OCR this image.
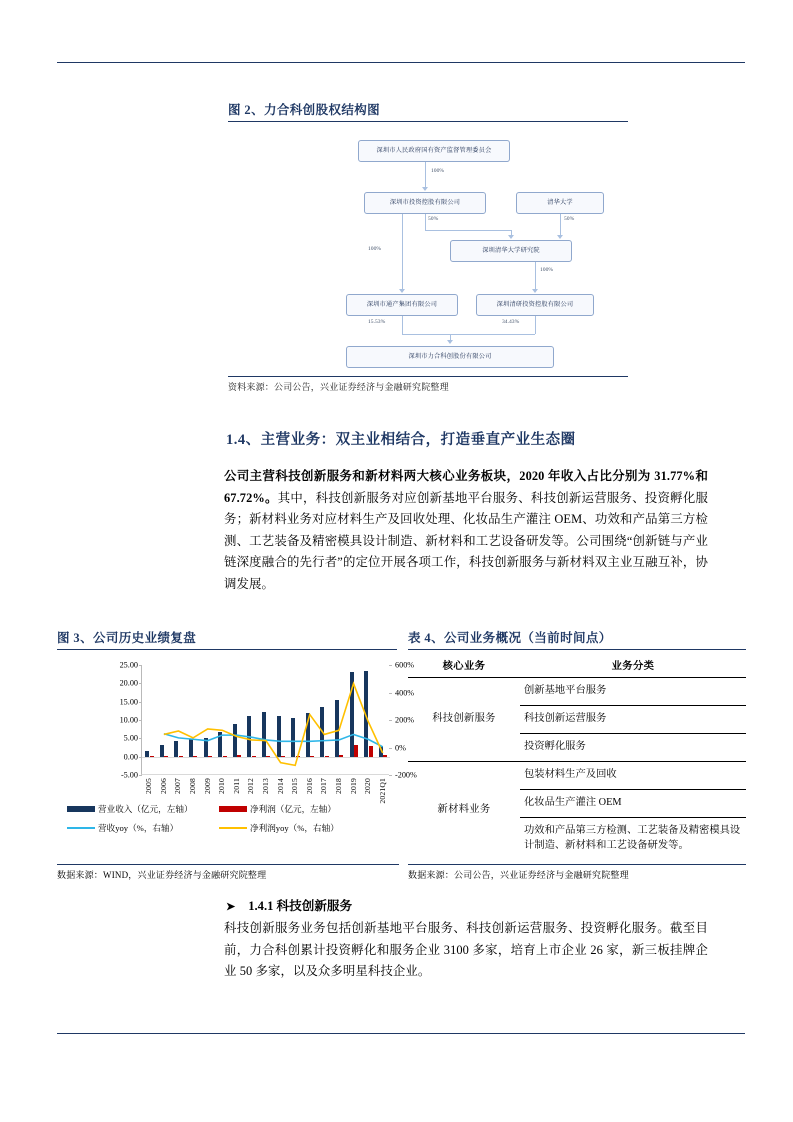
图 2、力合科创股权结构图
深圳市人民政府国有资产监督管理委员会
深圳市投资控股有限公司	清华大学
深圳清华大学研究院
深圳市通产集团有限公司	深圳清研投资控股有限公司
深圳市力合科创股份有限公司
100%
50%	50%
100%
100%
15.53%	34.43%
资料来源：公司公告，兴业证券经济与金融研究院整理
1.4、主营业务：双主业相结合，打造垂直产业生态圈
公司主营科技创新服务和新材料两大核心业务板块，2020 年收入占比分别为 31.77%和 67.72%。其中，科技创新服务对应创新基地平台服务、科技创新运营服务、投资孵化服务；新材料业务对应材料生产及回收处理、化妆品生产灌注 OEM、功效和产品第三方检测、工艺装备及精密模具设计制造、新材料和工艺设备研发等。公司围绕“创新链与产业链深度融合的先行者”的定位开展各项工作，科技创新服务与新材料双主业互融互补，协调发展。
图 3、公司历史业绩复盘	表 4、公司业务概况（当前时间点）
25.00
20.00
15.00
10.00
5.00
0.00
-5.00
600%
400%
200%
0%
-200%
营业收入（亿元，左轴）	净利润（亿元，左轴）
营收yoy（%，右轴）	净利润yoy（%，右轴）
2005 2006 2007 2008 2009 2010 2011 2012 2013 2014 2015 2016 2017 2018 2019 2020 2021Q1
核心业务	业务分类
科技创新服务	创新基地平台服务
	科技创新运营服务
	投资孵化服务
新材料业务	包装材料生产及回收
	化妆品生产灌注 OEM
	功效和产品第三方检测、工艺装备及精密模具设计制造、新材料和工艺设备研发等。
数据来源：WIND，兴业证券经济与金融研究院整理	数据来源：公司公告，兴业证券经济与金融研究院整理
➤ 1.4.1 科技创新服务
科技创新服务业务包括创新基地平台服务、科技创新运营服务、投资孵化服务。截至目前，力合科创累计投资孵化和服务企业 3100 多家，培育上市企业 26 家，新三板挂牌企业 50 多家，以及众多明星科技企业。
